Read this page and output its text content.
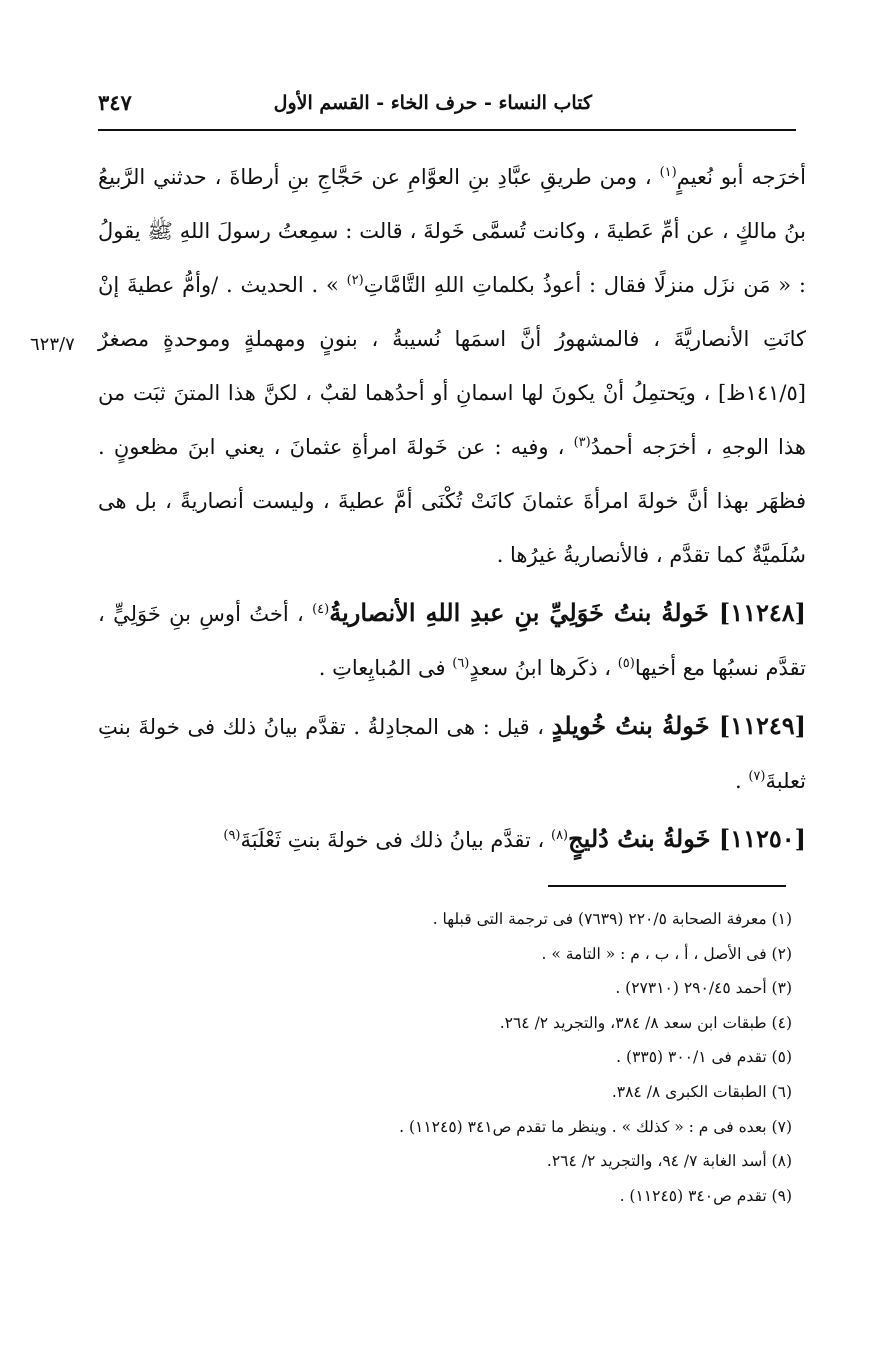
كتاب النساء - حرف الخاء - القسم الأول
٣٤٧
٦٢٣/٧

أخرَجه أبو نُعيمٍ$^{(١)}$ ، ومن طريقِ عبَّادِ بنِ العوَّامِ عن حَجَّاجِ بنِ أرطاةَ ، حدثني الرَّبيعُ بنُ مالكٍ ، عن أمِّ عَطيةَ ، وكانت تُسمَّى خَولةَ ، قالت : سمِعتُ رسولَ اللهِ ﷺ يقولُ : « مَن نزَل منزلًا فقال : أعوذُ بكلماتِ اللهِ التَّامَّاتِ$^{(٢)}$ » . الحديث . /وأمُّ عطيةَ إنْ كانَتِ الأنصاريَّةَ ، فالمشهورُ أنَّ اسمَها نُسيبةُ ، بنونٍ ومهملةٍ وموحدةٍ مصغرٌ [١٤١/٥ظ] ، ويَحتمِلُ أنْ يكونَ لها اسمانِ أو أحدُهما لقبٌ ، لكنَّ هذا المتنَ ثبَت من هذا الوجهِ ، أخرَجه أحمدُ$^{(٣)}$ ، وفيه : عن خَولةَ امرأةِ عثمانَ ، يعني ابنَ مظعونٍ . فظهَر بهذا أنَّ خولةَ امرأةَ عثمانَ كانَتْ تُكْنَى أمَّ عطيةَ ، وليست أنصاريةً ، بل هى سُلَميَّةٌ كما تقدَّم ، فالأنصاريةُ غيرُها .

[١١٢٤٨] خَولةُ بنتُ خَوَلِيِّ بنِ عبدِ اللهِ الأنصاريةُ$^{(٤)}$ ، أختُ أوسِ بنِ خَوَلِيٍّ ، تقدَّم نسبُها مع أخيها$^{(٥)}$ ، ذكَرها ابنُ سعدٍ$^{(٦)}$ فى المُبايِعاتِ .

[١١٢٤٩] خَولةُ بنتُ خُويلدٍ ، قيل : هى المجادِلةُ . تقدَّم بيانُ ذلك فى خولةَ بنتِ ثعلبةَ$^{(٧)}$ .

[١١٢٥٠] خَولةُ بنتُ دُليجٍ$^{(٨)}$ ، تقدَّم بيانُ ذلك فى خولةَ بنتِ ثَعْلَبَةَ$^{(٩)}$

(١) معرفة الصحابة ٢٢٠/٥ (٧٦٣٩) فى ترجمة التى قبلها .
(٢) فى الأصل ، أ ، ب ، م : « التامة » .
(٣) أحمد ٢٩٠/٤٥ (٢٧٣١٠) .
(٤) طبقات ابن سعد ٨/ ٣٨٤، والتجريد ٢/ ٢٦٤.
(٥) تقدم فى ٣٠٠/١ (٣٣٥) .
(٦) الطبقات الكبرى ٨/ ٣٨٤.
(٧) بعده فى م : « كذلك » . وينظر ما تقدم ص٣٤١ (١١٢٤٥) .
(٨) أسد الغابة ٧/ ٩٤، والتجريد ٢/ ٢٦٤.
(٩) تقدم ص٣٤٠ (١١٢٤٥) .
